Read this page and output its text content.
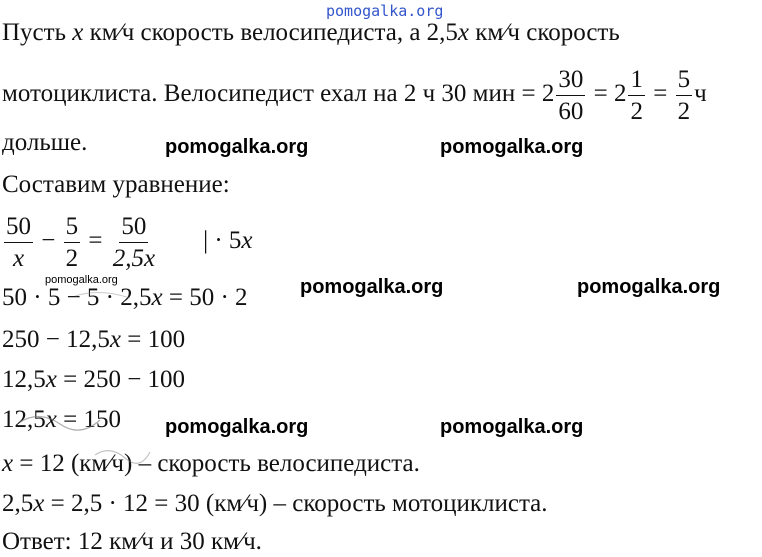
pomogalka.org
Пусть x км⁄ч скорость велосипедиста, а 2,5x км⁄ч скорость
мотоциклиста. Велосипедист ехал на 2 ч 30 мин = $2 \frac{30}{60} = 2 \frac{1}{2} = \frac{5}{2}$ ч
дольше.	pomogalka.org	pomogalka.org
Составим уравнение:
$\frac{50}{x} - \frac{5}{2} = \frac{50}{2,5x}$ | · 5x
pomogalka.org
50 · 5 − 5 · 2,5x = 50 · 2	pomogalka.org	pomogalka.org
250 − 12,5x = 100
12,5x = 250 − 100
12,5x = 150 pomogalka.org	pomogalka.org
x = 12 (км⁄ч) – скорость велосипедиста.
2,5x = 2,5 · 12 = 30 (км⁄ч) – скорость мотоциклиста.
Ответ: 12 км⁄ч и 30 км⁄ч.
